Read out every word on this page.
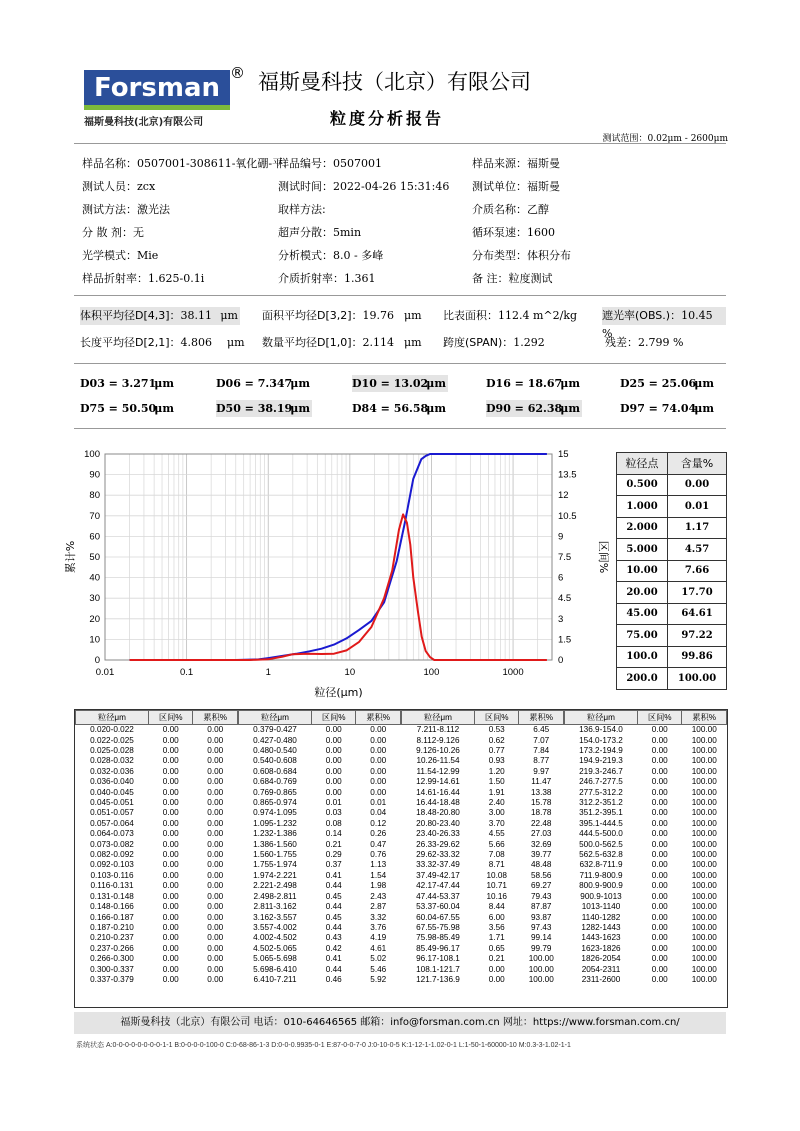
Forsman ®
福斯曼科技(北京)有限公司
福斯曼科技（北京）有限公司
粒度分析报告
测试范围：0.02μm - 2600μm
样品名称：0507001-308611-氧化硼-平:
样品编号：0507001	样品来源：福斯曼
测试人员：zcx	测试时间：2022-04-26 15:31:46 测试单位：福斯曼
测试方法：激光法	取样方法:	介质名称：乙醇
分 散 剂：无	超声分散：5min	循环泵速：1600
光学模式：Mie	分析模式：8.0 - 多峰	分布类型：体积分布
样品折射率：1.625-0.1i	介质折射率：1.361	备 注：粒度测试
体积平均径D[4,3]：38.11 μm 面积平均径D[3,2]：19.76 μm 比表面积：112.4 m^2/kg 遮光率(OBS.)：10.45 %
长度平均径D[2,1]：4.806 μm 数量平均径D[1,0]：2.114 μm 跨度(SPAN)：1.292	残差：2.799 %
D03 = 3.271
μm	D06 = 7.347
μm	D10 = 13.02
μm	D16 = 18.67
μm	D25 = 25.06
μm
D75 = 50.50
μm	D50 = 38.19
μm	D84 = 56.58
μm	D90 = 62.38
μm	D97 = 74.04
μm
0
10
20
30
40
50
60
70
80
90
100
0
1.5
3
4.5
6
7.5
9
10.5
12
13.5
15
0.01	0.1	1	10	100	1000
粒径(μm)
累计%	区间%
粒径点	含量%
0.500	0.00
1.000	0.01
2.000	1.17
5.000	4.57
10.00	7.66
20.00	17.70
45.00	64.61
75.00	97.22
100.0	99.86
200.0	100.00
粒径μm	区间%	累积%
0.020-0.022	0.00	0.00
0.022-0.025	0.00	0.00
0.025-0.028	0.00	0.00
0.028-0.032	0.00	0.00
0.032-0.036	0.00	0.00
0.036-0.040	0.00	0.00
0.040-0.045	0.00	0.00
0.045-0.051	0.00	0.00
0.051-0.057	0.00	0.00
0.057-0.064	0.00	0.00
0.064-0.073	0.00	0.00
0.073-0.082	0.00	0.00
0.082-0.092	0.00	0.00
0.092-0.103	0.00	0.00
0.103-0.116	0.00	0.00
0.116-0.131	0.00	0.00
0.131-0.148	0.00	0.00
0.148-0.166	0.00	0.00
0.166-0.187	0.00	0.00
0.187-0.210	0.00	0.00
0.210-0.237	0.00	0.00
0.237-0.266	0.00	0.00
0.266-0.300	0.00	0.00
0.300-0.337	0.00	0.00
0.337-0.379	0.00	0.00
粒径μm	区间%	累积%
0.379-0.427	0.00	0.00
0.427-0.480	0.00	0.00
0.480-0.540	0.00	0.00
0.540-0.608	0.00	0.00
0.608-0.684	0.00	0.00
0.684-0.769	0.00	0.00
0.769-0.865	0.00	0.00
0.865-0.974	0.01	0.01
0.974-1.095	0.03	0.04
1.095-1.232	0.08	0.12
1.232-1.386	0.14	0.26
1.386-1.560	0.21	0.47
1.560-1.755	0.29	0.76
1.755-1.974	0.37	1.13
1.974-2.221	0.41	1.54
2.221-2.498	0.44	1.98
2.498-2.811	0.45	2.43
2.811-3.162	0.44	2.87
3.162-3.557	0.45	3.32
3.557-4.002	0.44	3.76
4.002-4.502	0.43	4.19
4.502-5.065	0.42	4.61
5.065-5.698	0.41	5.02
5.698-6.410	0.44	5.46
6.410-7.211	0.46	5.92
粒径μm	区间%	累积%
7.211-8.112	0.53	6.45
8.112-9.126	0.62	7.07
9.126-10.26	0.77	7.84
10.26-11.54	0.93	8.77
11.54-12.99	1.20	9.97
12.99-14.61	1.50	11.47
14.61-16.44	1.91	13.38
16.44-18.48	2.40	15.78
18.48-20.80	3.00	18.78
20.80-23.40	3.70	22.48
23.40-26.33	4.55	27.03
26.33-29.62	5.66	32.69
29.62-33.32	7.08	39.77
33.32-37.49	8.71	48.48
37.49-42.17	10.08	58.56
42.17-47.44	10.71	69.27
47.44-53.37	10.16	79.43
53.37-60.04	8.44	87.87
60.04-67.55	6.00	93.87
67.55-75.98	3.56	97.43
75.98-85.49	1.71	99.14
85.49-96.17	0.65	99.79
96.17-108.1	0.21	100.00
108.1-121.7	0.00	100.00
121.7-136.9	0.00	100.00
粒径μm	区间%	累积%
136.9-154.0	0.00	100.00
154.0-173.2	0.00	100.00
173.2-194.9	0.00	100.00
194.9-219.3	0.00	100.00
219.3-246.7	0.00	100.00
246.7-277.5	0.00	100.00
277.5-312.2	0.00	100.00
312.2-351.2	0.00	100.00
351.2-395.1	0.00	100.00
395.1-444.5	0.00	100.00
444.5-500.0	0.00	100.00
500.0-562.5	0.00	100.00
562.5-632.8	0.00	100.00
632.8-711.9	0.00	100.00
711.9-800.9	0.00	100.00
800.9-900.9	0.00	100.00
900.9-1013	0.00	100.00
1013-1140	0.00	100.00
1140-1282	0.00	100.00
1282-1443	0.00	100.00
1443-1623	0.00	100.00
1623-1826	0.00	100.00
1826-2054	0.00	100.00
2054-2311	0.00	100.00
2311-2600	0.00	100.00
福斯曼科技（北京）有限公司 电话：010-64646565 邮箱：info@forsman.com.cn 网址：https://www.forsman.com.cn/
系统状态 A:0-0-0-0-0-0-0-0-1-1 B:0-0-0-0-100-0 C:0-68-86-1-3 D:0-0-0.9935-0-1 E:87-0-0-7-0 J:0-10-0-5 K:1-12-1-1.02-0-1 L:1-50-1-60000-10 M:0.3-3-1.02-1-1
